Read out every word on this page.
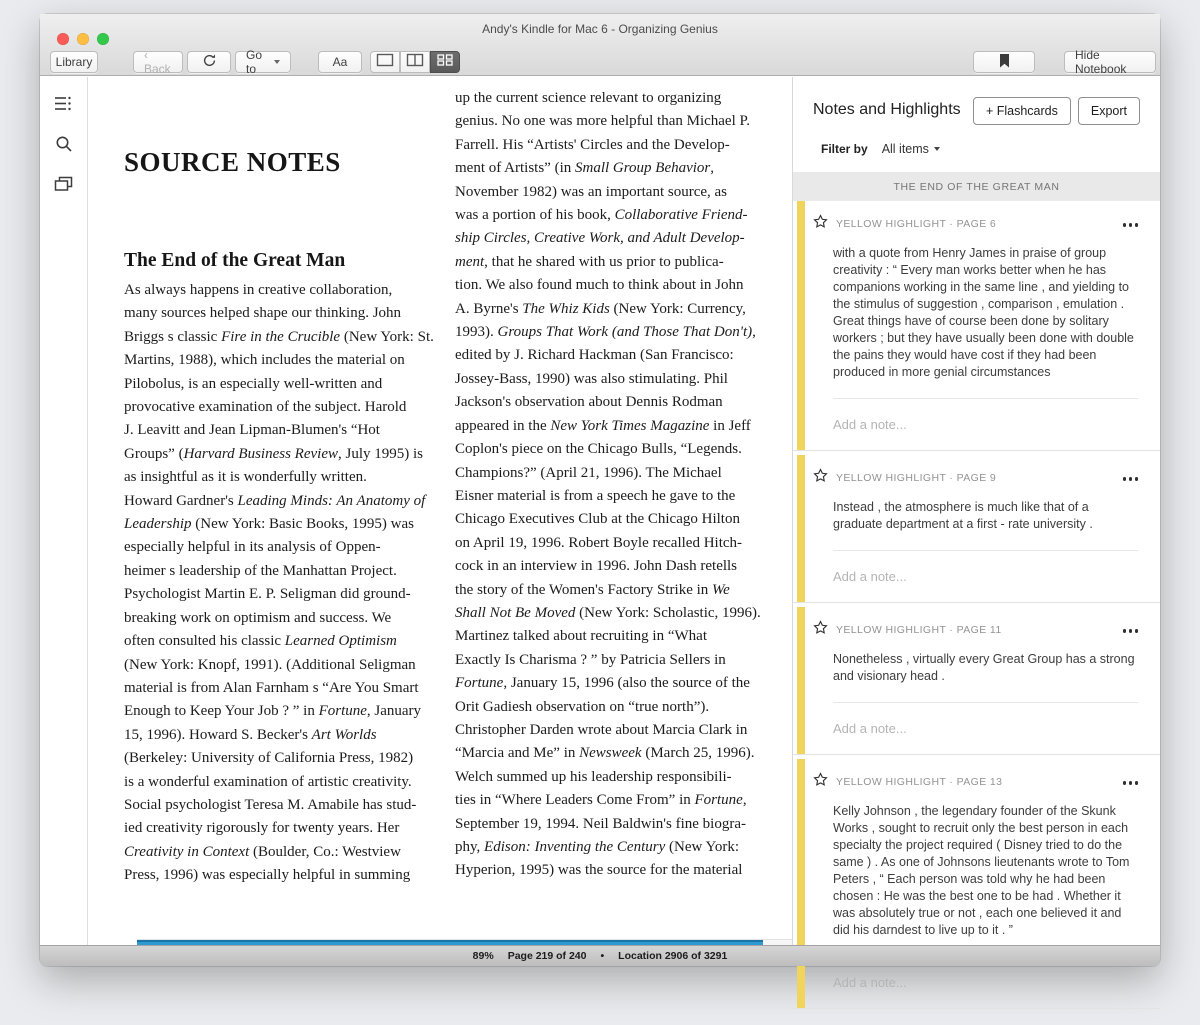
Andy's Kindle for Mac 6 - Organizing Genius
Library	‹ Back
Go to	Aa	Hide Notebook
SOURCE NOTES
The End of the Great Man
As always happens in creative collaboration,
many sources helped shape our thinking. John
Briggs s classic Fire in the Crucible (New York: St.
Martins, 1988), which includes the material on
Pilobolus, is an especially well-written and
provocative examination of the subject. Harold
J. Leavitt and Jean Lipman-Blumen's “Hot
Groups” (Harvard Business Review, July 1995) is
as insightful as it is wonderfully written.
Howard Gardner's Leading Minds: An Anatomy of
Leadership (New York: Basic Books, 1995) was
especially helpful in its analysis of Oppen-
heimer s leadership of the Manhattan Project.
Psychologist Martin E. P. Seligman did ground-
breaking work on optimism and success. We
often consulted his classic Learned Optimism
(New York: Knopf, 1991). (Additional Seligman
material is from Alan Farnham s “Are You Smart
Enough to Keep Your Job ? ” in Fortune, January
15, 1996). Howard S. Becker's Art Worlds
(Berkeley: University of California Press, 1982)
is a wonderful examination of artistic creativity.
Social psychologist Teresa M. Amabile has stud-
ied creativity rigorously for twenty years. Her
Creativity in Context (Boulder, Co.: Westview
Press, 1996) was especially helpful in summing
up the current science relevant to organizing
genius. No one was more helpful than Michael P.
Farrell. His “Artists' Circles and the Develop-
ment of Artists” (in Small Group Behavior,
November 1982) was an important source, as
was a portion of his book, Collaborative Friend-
ship Circles, Creative Work, and Adult Develop-
ment, that he shared with us prior to publica-
tion. We also found much to think about in John
A. Byrne's The Whiz Kids (New York: Currency,
1993). Groups That Work (and Those That Don't),
edited by J. Richard Hackman (San Francisco:
Jossey-Bass, 1990) was also stimulating. Phil
Jackson's observation about Dennis Rodman
appeared in the New York Times Magazine in Jeff
Coplon's piece on the Chicago Bulls, “Legends.
Champions?” (April 21, 1996). The Michael
Eisner material is from a speech he gave to the
Chicago Executives Club at the Chicago Hilton
on April 19, 1996. Robert Boyle recalled Hitch-
cock in an interview in 1996. John Dash retells
the story of the Women's Factory Strike in We
Shall Not Be Moved (New York: Scholastic, 1996).
Martinez talked about recruiting in “What
Exactly Is Charisma ? ” by Patricia Sellers in
Fortune, January 15, 1996 (also the source of the
Orit Gadiesh observation on “true north”).
Christopher Darden wrote about Marcia Clark in
“Marcia and Me” in Newsweek (March 25, 1996).
Welch summed up his leadership responsibili-
ties in “Where Leaders Come From” in Fortune,
September 19, 1994. Neil Baldwin's fine biogra-
phy, Edison: Inventing the Century (New York:
Hyperion, 1995) was the source for the material
Notes and Highlights	+ Flashcards	Export
Filter by All items
THE END OF THE GREAT MAN
YELLOW HIGHLIGHT · PAGE 6
with a quote from Henry James in praise of group creativity : “ Every man works better when he has companions working in the same line , and yielding to the stimulus of suggestion , comparison , emulation . Great things have of course been done by solitary workers ; but they have usually been done with double the pains they would have cost if they had been produced in more genial circumstances
Add a note...
YELLOW HIGHLIGHT · PAGE 9
Instead , the atmosphere is much like that of a graduate department at a first - rate university .
Add a note...
YELLOW HIGHLIGHT · PAGE 11
Nonetheless , virtually every Great Group has a strong and visionary head .
Add a note...
YELLOW HIGHLIGHT · PAGE 13
Kelly Johnson , the legendary founder of the Skunk Works , sought to recruit only the best person in each specialty the project required ( Disney tried to do the same ) . As one of Johnsons lieutenants wrote to Tom Peters , “ Each person was told why he had been chosen : He was the best one to be had . Whether it was absolutely true or not , each one believed it and did his darndest to live up to it . ”
Add a note...
89% Page 219 of 240 • Location 2906 of 3291
